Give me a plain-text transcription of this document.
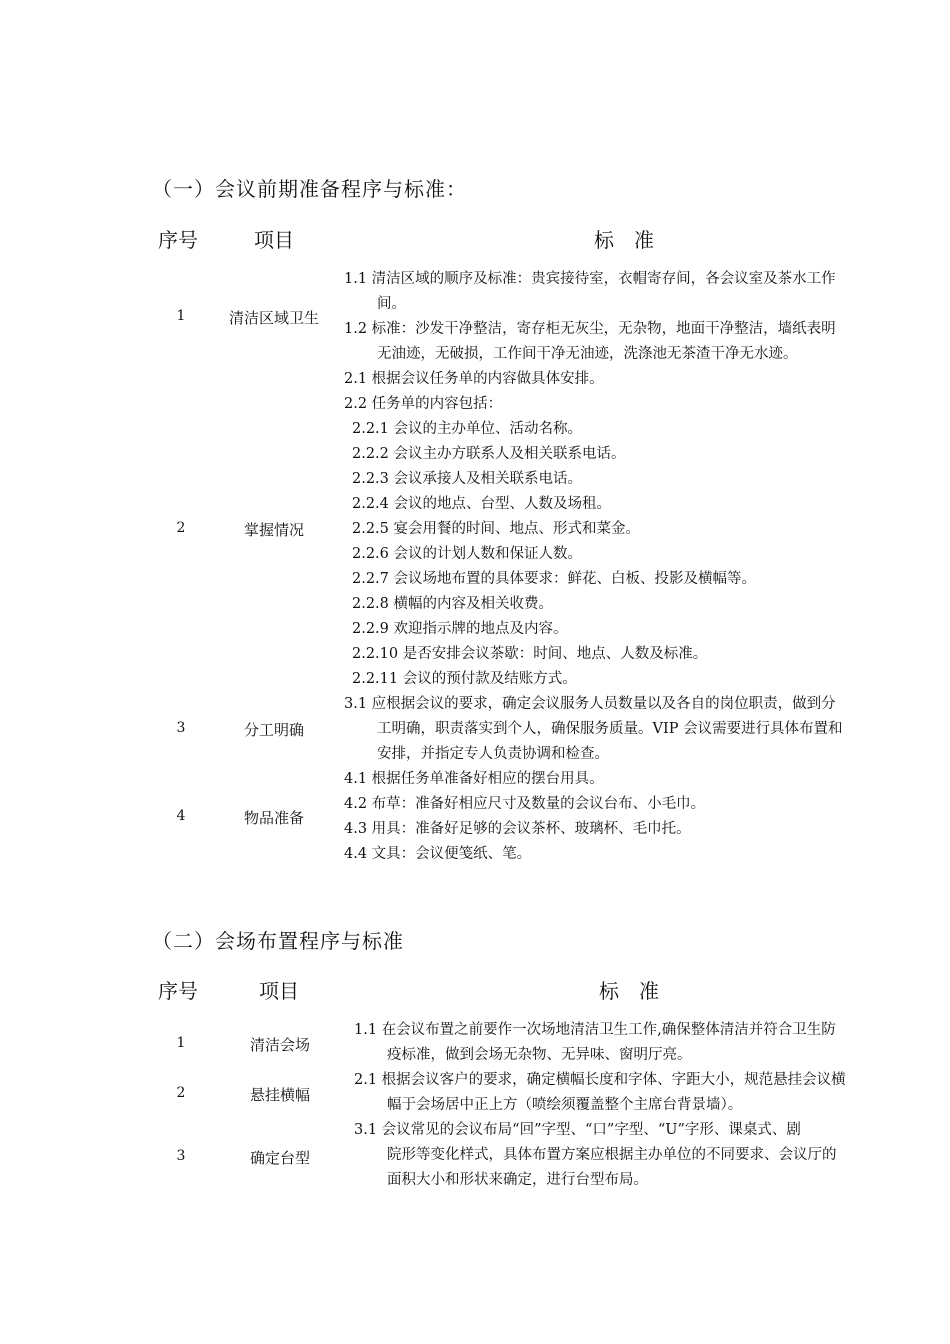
（一）会议前期准备程序与标准：
序号	项目	标　准
1	清洁区域卫生
1.1 清洁区域的顺序及标准：贵宾接待室，衣帽寄存间，各会议室及茶水工作
间。
1.2 标准：沙发干净整洁，寄存柜无灰尘，无杂物，地面干净整洁，墙纸表明
无油迹，无破损，工作间干净无油迹，洗涤池无茶渣干净无水迹。
2	掌握情况
2.1 根据会议任务单的内容做具体安排。
2.2 任务单的内容包括：
2.2.1 会议的主办单位、活动名称。
2.2.2 会议主办方联系人及相关联系电话。
2.2.3 会议承接人及相关联系电话。
2.2.4 会议的地点、台型、人数及场租。
2.2.5 宴会用餐的时间、地点、形式和菜金。
2.2.6 会议的计划人数和保证人数。
2.2.7 会议场地布置的具体要求：鲜花、白板、投影及横幅等。
2.2.8 横幅的内容及相关收费。
2.2.9 欢迎指示牌的地点及内容。
2.2.10 是否安排会议茶歇：时间、地点、人数及标准。
2.2.11 会议的预付款及结账方式。
3	分工明确
3.1 应根据会议的要求，确定会议服务人员数量以及各自的岗位职责，做到分
工明确，职责落实到个人，确保服务质量。VIP 会议需要进行具体布置和
安排，并指定专人负责协调和检查。
4	物品准备
4.1 根据任务单准备好相应的摆台用具。
4.2 布草：准备好相应尺寸及数量的会议台布、小毛巾。
4.3 用具：准备好足够的会议茶杯、玻璃杯、毛巾托。
4.4 文具：会议便笺纸、笔。
（二）会场布置程序与标准
序号	项目	标　准
1	清洁会场
1.1 在会议布置之前要作一次场地清洁卫生工作,确保整体清洁并符合卫生防
疫标准，做到会场无杂物、无异味、窗明厅亮。
2	悬挂横幅
2.1 根据会议客户的要求，确定横幅长度和字体、字距大小，规范悬挂会议横
幅于会场居中正上方（喷绘须覆盖整个主席台背景墙）。
3	确定台型
3.1 会议常见的会议布局“回”字型、“口”字型、“U”字形、课桌式、剧
院形等变化样式，具体布置方案应根据主办单位的不同要求、会议厅的
面积大小和形状来确定，进行台型布局。
